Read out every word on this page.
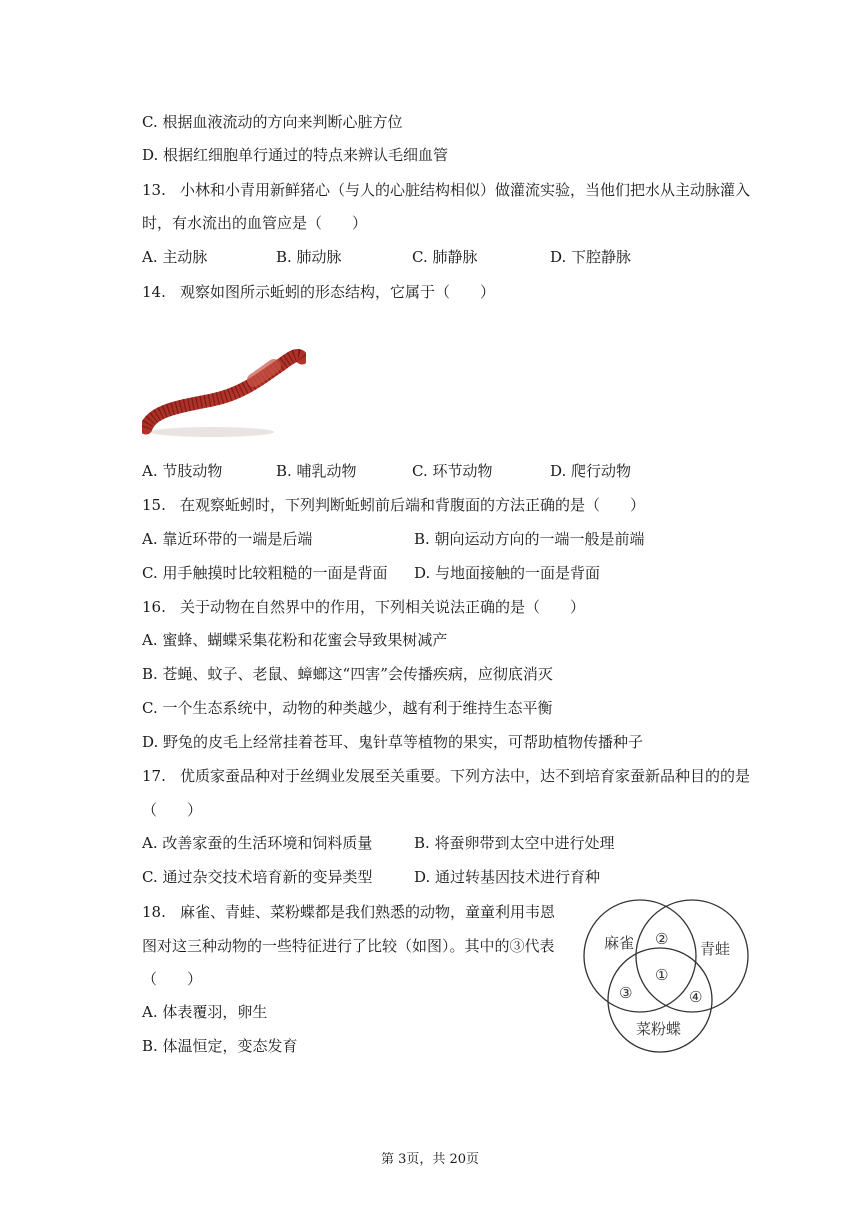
C. 根据血液流动的方向来判断心脏方位
D. 根据红细胞单行通过的特点来辨认毛细血管
13. 小林和小青用新鲜猪心（与人的心脏结构相似）做灌流实验，当他们把水从主动脉灌入
时，有水流出的血管应是（　　）
A. 主动脉	B. 肺动脉	C. 肺静脉	D. 下腔静脉
14. 观察如图所示蚯蚓的形态结构，它属于（　　）
A. 节肢动物	B. 哺乳动物	C. 环节动物	D. 爬行动物
15. 在观察蚯蚓时，下列判断蚯蚓前后端和背腹面的方法正确的是（　　）
A. 靠近环带的一端是后端	B. 朝向运动方向的一端一般是前端
C. 用手触摸时比较粗糙的一面是背面 D. 与地面接触的一面是背面
16. 关于动物在自然界中的作用，下列相关说法正确的是（　　）
A. 蜜蜂、蝴蝶采集花粉和花蜜会导致果树减产
B. 苍蝇、蚊子、老鼠、蟑螂这“四害”会传播疾病，应彻底消灭
C. 一个生态系统中，动物的种类越少，越有利于维持生态平衡
D. 野兔的皮毛上经常挂着苍耳、鬼针草等植物的果实，可帮助植物传播种子
17. 优质家蚕品种对于丝绸业发展至关重要。下列方法中，达不到培育家蚕新品种目的的是
（　　）
A. 改善家蚕的生活环境和饲料质量	B. 将蚕卵带到太空中进行处理
C. 通过杂交技术培育新的变异类型	D. 通过转基因技术进行育种
18. 麻雀、青蛙、菜粉蝶都是我们熟悉的动物，童童利用韦恩
图对这三种动物的一些特征进行了比较（如图）。其中的③代表
（　　）
A. 体表覆羽，卵生
B. 体温恒定，变态发育
麻雀	青蛙
菜粉蝶
②
①
③	④
第 3页，共 20页
